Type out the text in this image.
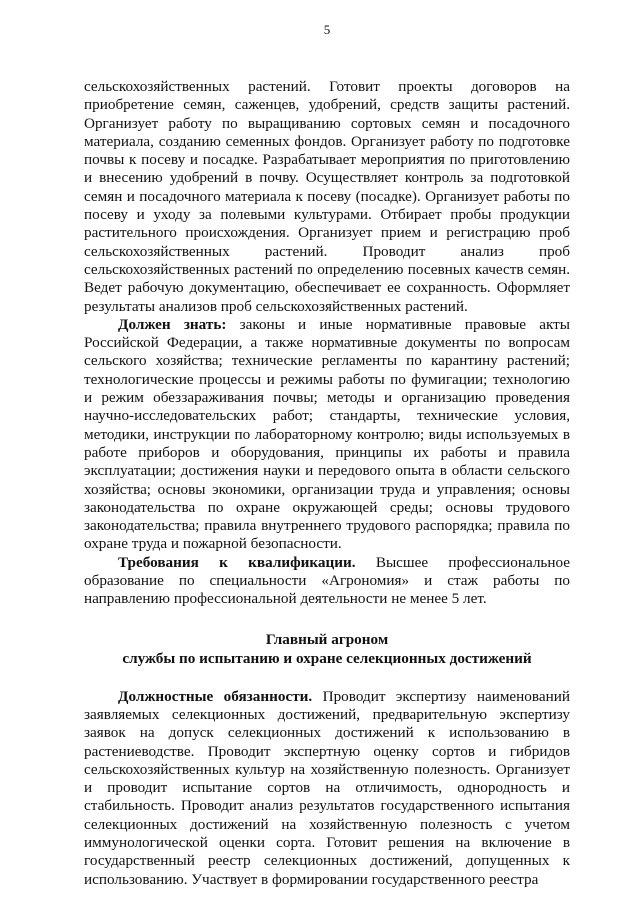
5

сельскохозяйственных растений. Готовит проекты договоров на приобретение семян, саженцев, удобрений, средств защиты растений. Организует работу по выращиванию сортовых семян и посадочного материала, созданию семенных фондов. Организует работу по подготовке почвы к посеву и посадке. Разрабатывает мероприятия по приготовлению и внесению удобрений в почву. Осуществляет контроль за подготовкой семян и посадочного материала к посеву (посадке). Организует работы по посеву и уходу за полевыми культурами. Отбирает пробы продукции растительного происхождения. Организует прием и регистрацию проб сельскохозяйственных растений. Проводит анализ проб сельскохозяйственных растений по определению посевных качеств семян. Ведет рабочую документацию, обеспечивает ее сохранность. Оформляет результаты анализов проб сельскохозяйственных растений.

Должен знать: законы и иные нормативные правовые акты Российской Федерации, а также нормативные документы по вопросам сельского хозяйства; технические регламенты по карантину растений; технологические процессы и режимы работы по фумигации; технологию и режим обеззараживания почвы; методы и организацию проведения научно-исследовательских работ; стандарты, технические условия, методики, инструкции по лабораторному контролю; виды используемых в работе приборов и оборудования, принципы их работы и правила эксплуатации; достижения науки и передового опыта в области сельского хозяйства; основы экономики, организации труда и управления; основы законодательства по охране окружающей среды; основы трудового законодательства; правила внутреннего трудового распорядка; правила по охране труда и пожарной безопасности.

Требования к квалификации. Высшее профессиональное образование по специальности «Агрономия» и стаж работы по направлению профессиональной деятельности не менее 5 лет.

Главный агроном

службы по испытанию и охране селекционных достижений

Должностные обязанности. Проводит экспертизу наименований заявляемых селекционных достижений, предварительную экспертизу заявок на допуск селекционных достижений к использованию в растениеводстве. Проводит экспертную оценку сортов и гибридов сельскохозяйственных культур на хозяйственную полезность. Организует и проводит испытание сортов на отличимость, однородность и стабильность. Проводит анализ результатов государственного испытания селекционных достижений на хозяйственную полезность с учетом иммунологической оценки сорта. Готовит решения на включение в государственный реестр селекционных достижений, допущенных к использованию. Участвует в формировании государственного реестра
